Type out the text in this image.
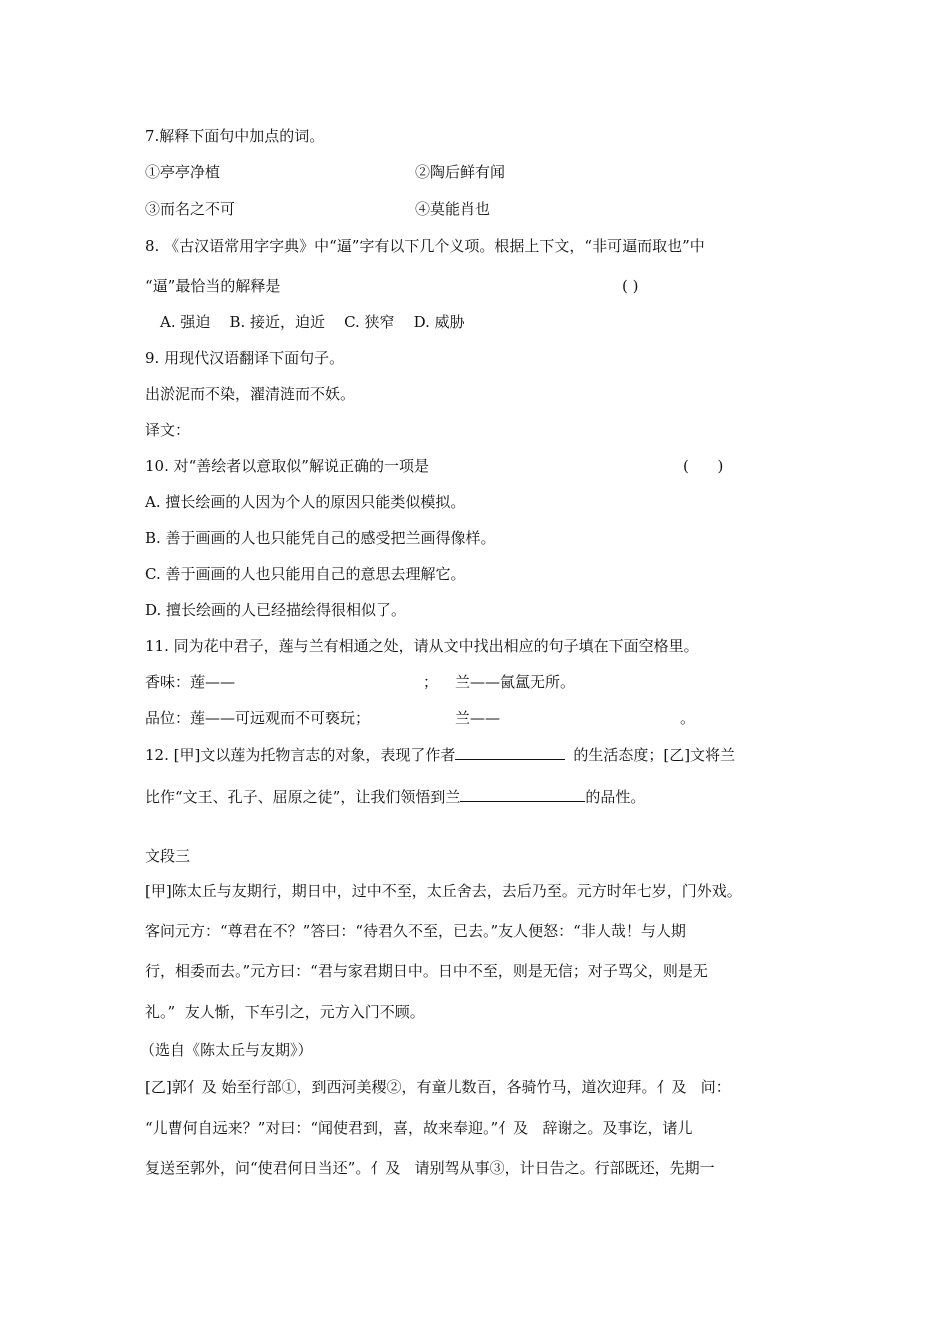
7.解释下面句中加点的词。
①亭亭净植	②陶后鲜有闻
③而名之不可	④莫能肖也
8. 《古汉语常用字字典》中“逼”字有以下几个义项。根据上下文，“非可逼而取也”中
“逼”最恰当的解释是	( )
A. 强迫    B. 接近，迫近    C. 狭窄    D. 威胁
9. 用现代汉语翻译下面句子。
出淤泥而不染，濯清涟而不妖。
译文：
10. 对“善绘者以意取似”解说正确的一项是	(      )
A. 擅长绘画的人因为个人的原因只能类似模拟。
B. 善于画画的人也只能凭自己的感受把兰画得像样。
C. 善于画画的人也只能用自己的意思去理解它。
D. 擅长绘画的人已经描绘得很相似了。
11. 同为花中君子，莲与兰有相通之处，请从文中找出相应的句子填在下面空格里。
香味：莲——	； 兰——氤氲无所。
品位：莲——可远观而不可亵玩；	兰——	。
12. [甲]文以莲为托物言志的对象，表现了作者	的生活态度；[乙]文将兰
比作“文王、孔子、屈原之徒”，让我们领悟到兰	的品性。
文段三
[甲]陈太丘与友期行，期日中，过中不至，太丘舍去，去后乃至。元方时年七岁，门外戏。
客问元方：“尊君在不？”答曰：“待君久不至，已去。”友人便怒：“非人哉！与人期
行，相委而去。”元方曰：“君与家君期日中。日中不至，则是无信；对子骂父，则是无
礼。”  友人惭，下车引之，元方入门不顾。
（选自《陈太丘与友期》）
[乙]郭亻及 始至行部①，到西河美稷②，有童儿数百，各骑竹马，道次迎拜。亻及   问：
“儿曹何自远来？”对曰：“闻使君到，喜，故来奉迎。”亻及   辞谢之。及事讫，诸儿
复送至郭外，问“使君何日当还”。亻及   请别驾从事③，计日告之。行部既还，先期一
